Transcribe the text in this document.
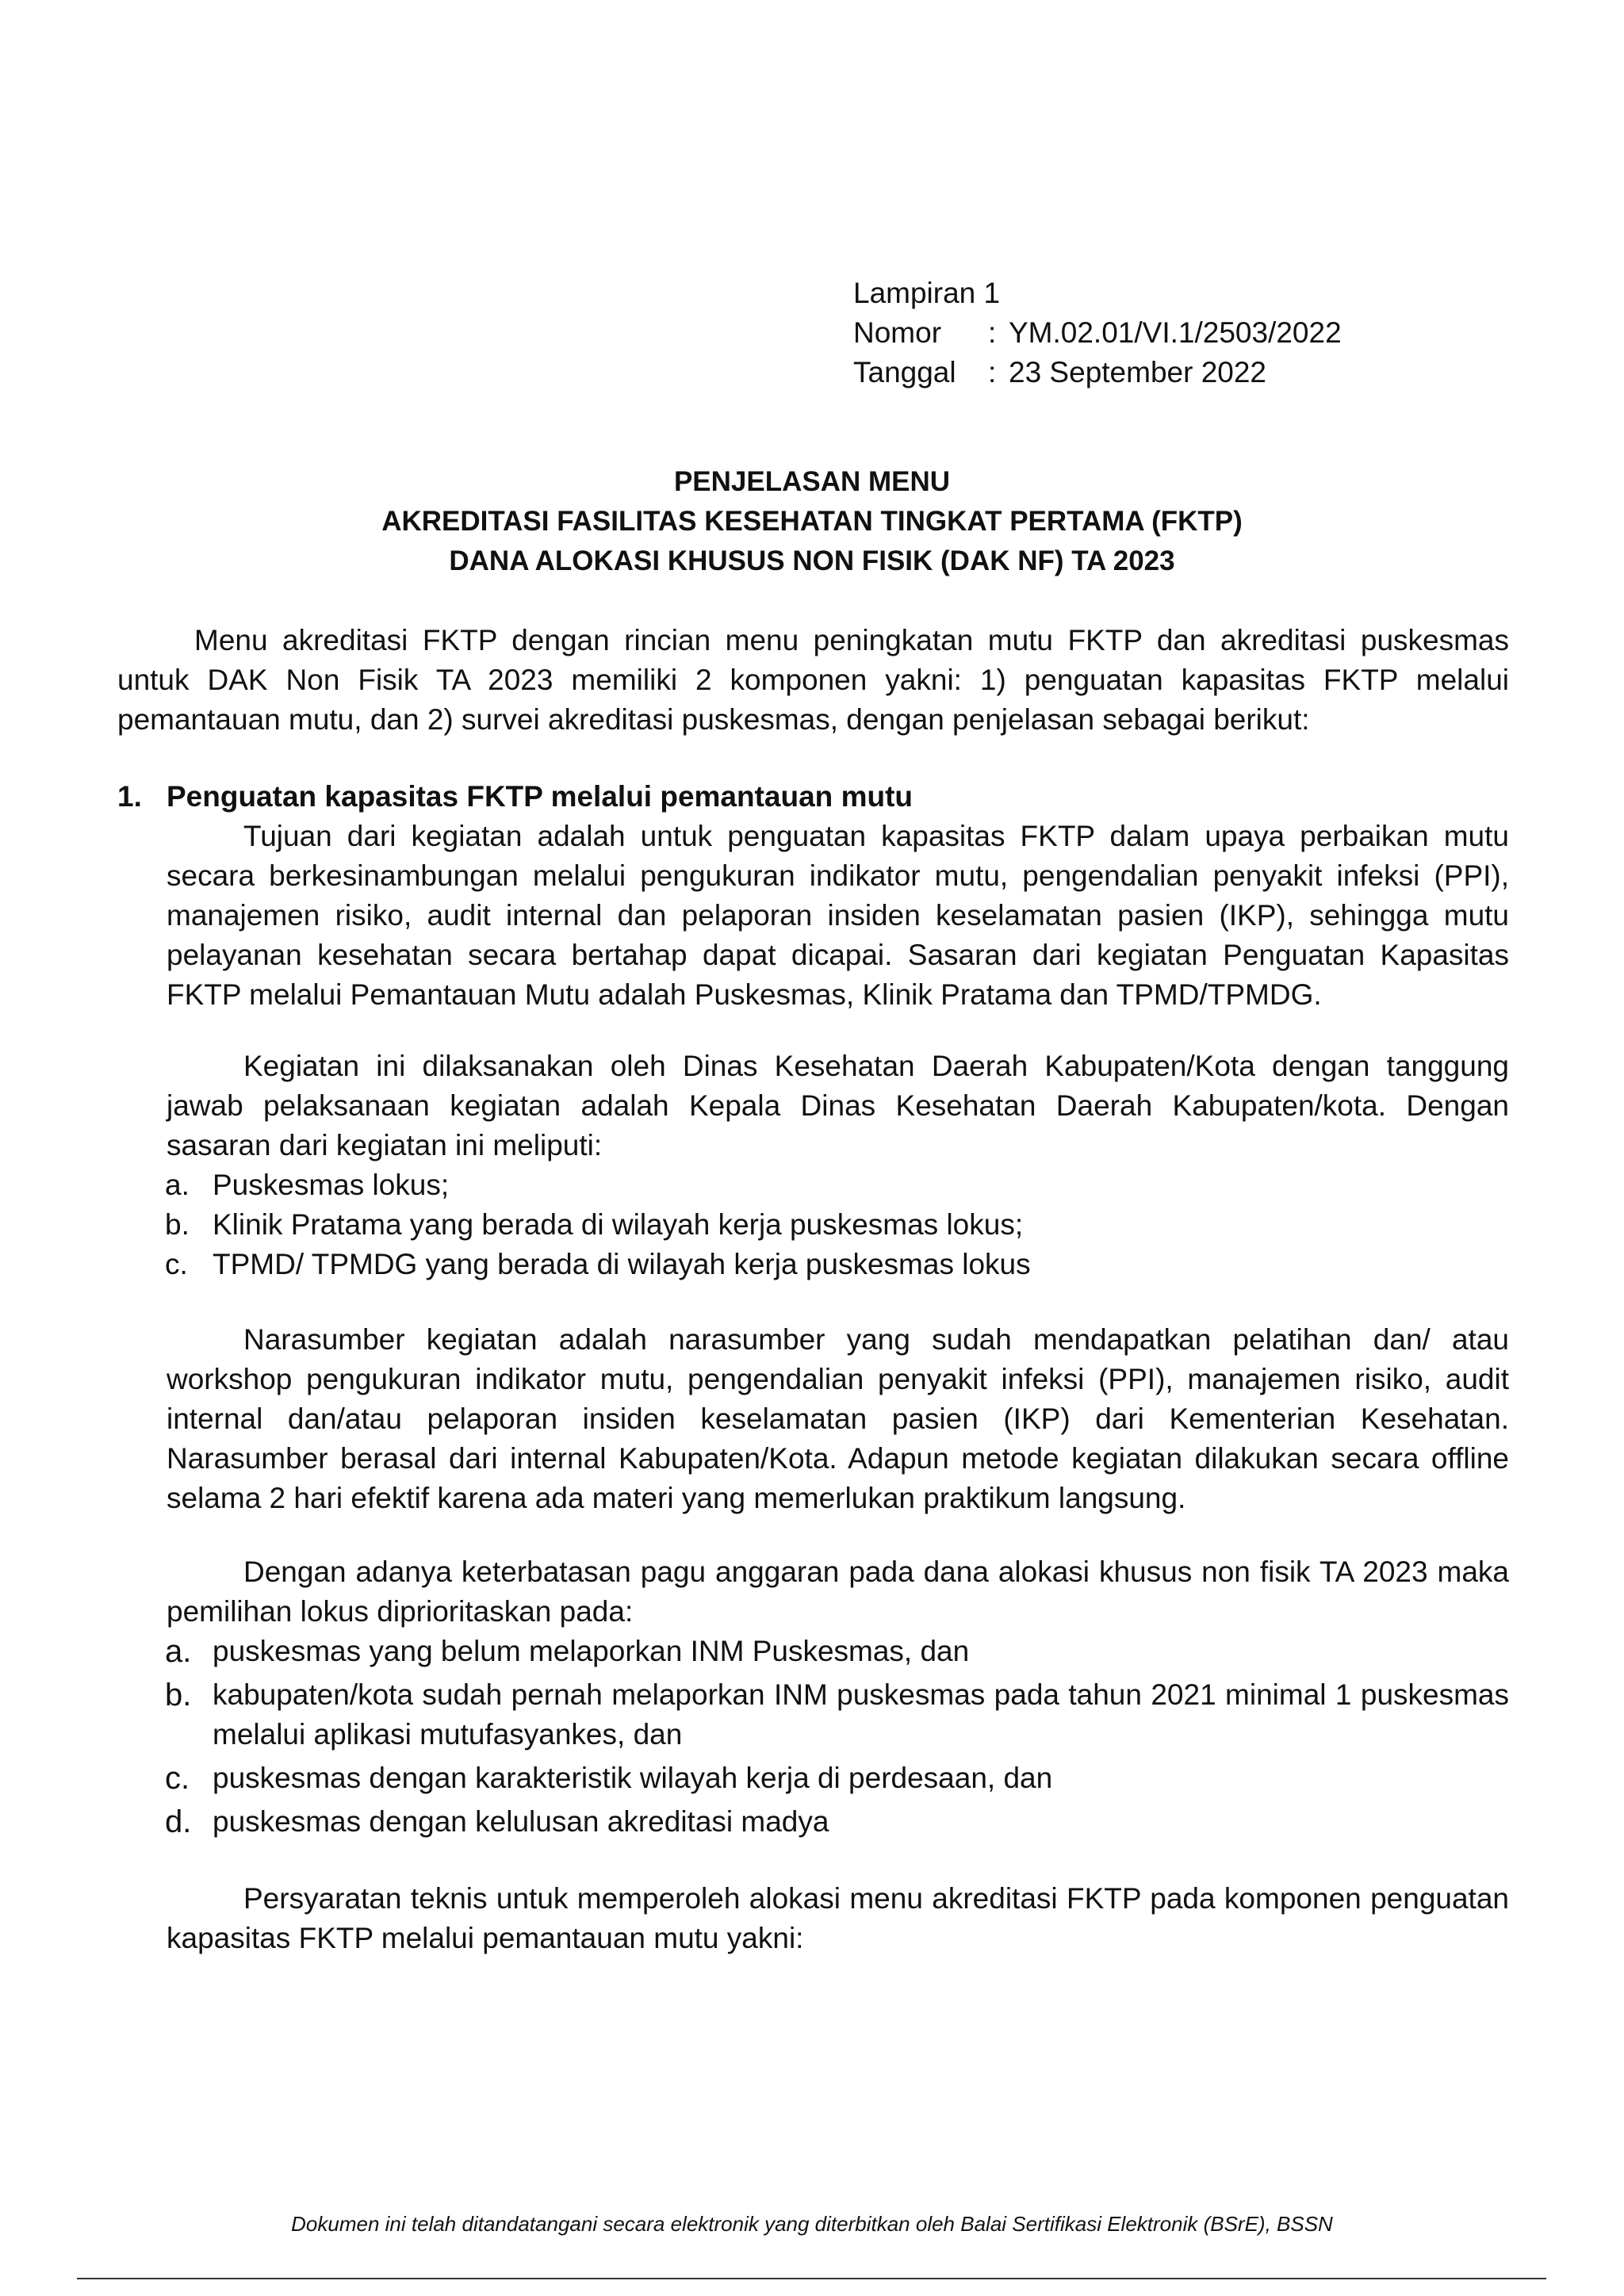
Lampiran 1
Nomor	: YM.02.01/VI.1/2503/2022
Tanggal	: 23 September 2022
PENJELASAN MENU
AKREDITASI FASILITAS KESEHATAN TINGKAT PERTAMA (FKTP)
DANA ALOKASI KHUSUS NON FISIK (DAK NF) TA 2023

Menu akreditasi FKTP dengan rincian menu peningkatan mutu FKTP dan akreditasi puskesmas untuk DAK Non Fisik TA 2023 memiliki 2 komponen yakni: 1) penguatan kapasitas FKTP melalui pemantauan mutu, dan 2) survei akreditasi puskesmas, dengan penjelasan sebagai berikut:

1. Penguatan kapasitas FKTP melalui pemantauan mutu

Tujuan dari kegiatan adalah untuk penguatan kapasitas FKTP dalam upaya perbaikan mutu secara berkesinambungan melalui pengukuran indikator mutu, pengendalian penyakit infeksi (PPI), manajemen risiko, audit internal dan pelaporan insiden keselamatan pasien (IKP), sehingga mutu pelayanan kesehatan secara bertahap dapat dicapai. Sasaran dari kegiatan Penguatan Kapasitas FKTP melalui Pemantauan Mutu adalah Puskesmas, Klinik Pratama dan TPMD/TPMDG.

Kegiatan ini dilaksanakan oleh Dinas Kesehatan Daerah Kabupaten/Kota dengan tanggung jawab pelaksanaan kegiatan adalah Kepala Dinas Kesehatan Daerah Kabupaten/kota. Dengan sasaran dari kegiatan ini meliputi:

a. Puskesmas lokus;
b. Klinik Pratama yang berada di wilayah kerja puskesmas lokus;
c. TPMD/ TPMDG yang berada di wilayah kerja puskesmas lokus

Narasumber kegiatan adalah narasumber yang sudah mendapatkan pelatihan dan/ atau workshop pengukuran indikator mutu, pengendalian penyakit infeksi (PPI), manajemen risiko, audit internal dan/atau pelaporan insiden keselamatan pasien (IKP) dari Kementerian Kesehatan. Narasumber berasal dari internal Kabupaten/Kota. Adapun metode kegiatan dilakukan secara offline selama 2 hari efektif karena ada materi yang memerlukan praktikum langsung.

Dengan adanya keterbatasan pagu anggaran pada dana alokasi khusus non fisik TA 2023 maka pemilihan lokus diprioritaskan pada:

a. puskesmas yang belum melaporkan INM Puskesmas, dan
b. kabupaten/kota sudah pernah melaporkan INM puskesmas pada tahun 2021 minimal 1 puskesmas melalui aplikasi mutufasyankes, dan
c. puskesmas dengan karakteristik wilayah kerja di perdesaan, dan
d. puskesmas dengan kelulusan akreditasi madya

Persyaratan teknis untuk memperoleh alokasi menu akreditasi FKTP pada komponen penguatan kapasitas FKTP melalui pemantauan mutu yakni:

Dokumen ini telah ditandatangani secara elektronik yang diterbitkan oleh Balai Sertifikasi Elektronik (BSrE), BSSN
